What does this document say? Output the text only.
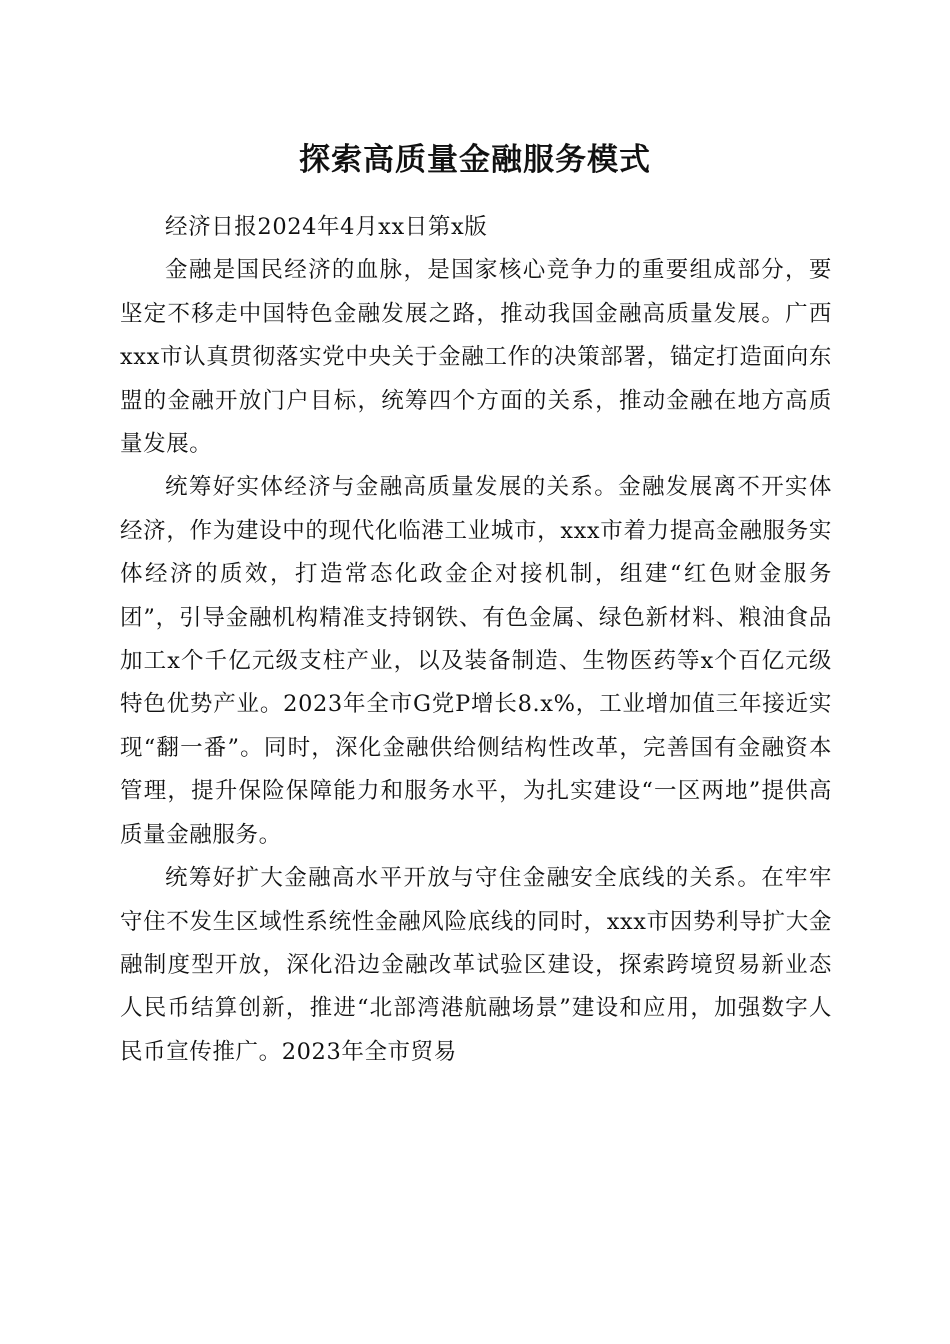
探索高质量金融服务模式

经济日报2024年4月xx日第x版

金融是国民经济的血脉，是国家核心竞争力的重要组成部分，要坚定不移走中国特色金融发展之路，推动我国金融高质量发展。广西xxx市认真贯彻落实党中央关于金融工作的决策部署，锚定打造面向东盟的金融开放门户目标，统筹四个方面的关系，推动金融在地方高质量发展。

统筹好实体经济与金融高质量发展的关系。金融发展离不开实体经济，作为建设中的现代化临港工业城市，xxx市着力提高金融服务实体经济的质效，打造常态化政金企对接机制，组建“红色财金服务团”，引导金融机构精准支持钢铁、有色金属、绿色新材料、粮油食品加工x个千亿元级支柱产业，以及装备制造、生物医药等x个百亿元级特色优势产业。2023年全市G党P增长8.x%，工业增加值三年接近实现“翻一番”。同时，深化金融供给侧结构性改革，完善国有金融资本管理，提升保险保障能力和服务水平，为扎实建设“一区两地”提供高质量金融服务。

统筹好扩大金融高水平开放与守住金融安全底线的关系。在牢牢守住不发生区域性系统性金融风险底线的同时，xxx市因势利导扩大金融制度型开放，深化沿边金融改革试验区建设，探索跨境贸易新业态人民币结算创新，推进“北部湾港航融场景”建设和应用，加强数字人民币宣传推广。2023年全市贸易
